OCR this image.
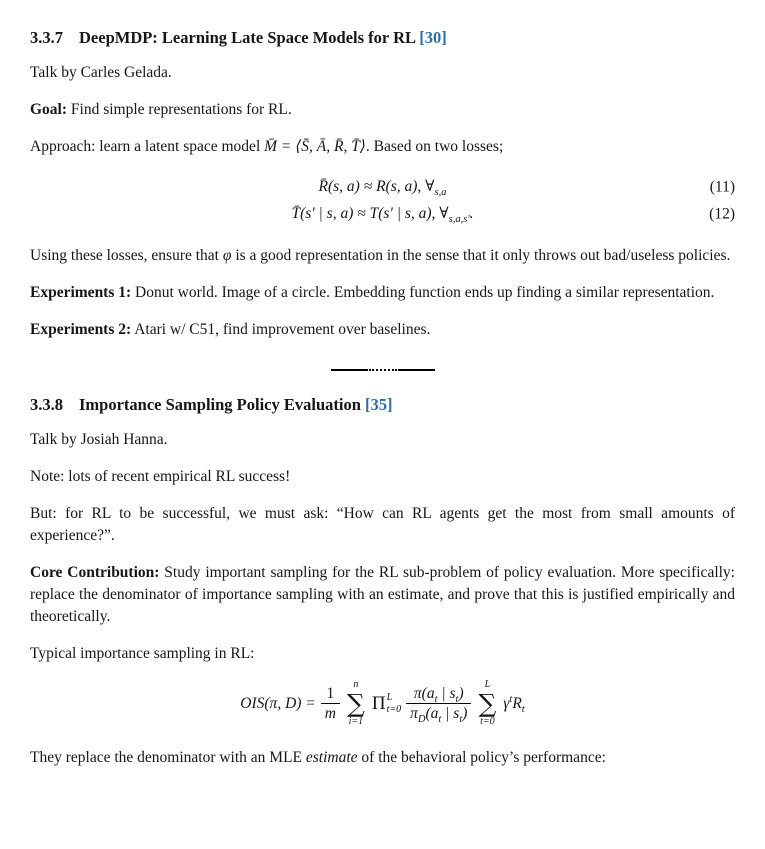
3.3.7 DeepMDP: Learning Late Space Models for RL [30]

Talk by Carles Gelada.

Goal: Find simple representations for RL.

Approach: learn a latent space model M̄ = ⟨S̄, Ā, R̄, T̄⟩. Based on two losses;

R̄(s, a) ≈ R(s, a), $\forall_{s,a}$	(11)
T̄(s′ | s, a) ≈ T(s′ | s, a), $\forall_{s,a,s'}$.	(12)

Using these losses, ensure that φ is a good representation in the sense that it only throws out bad/useless policies.

Experiments 1: Donut world. Image of a circle. Embedding function ends up finding a similar representation.

Experiments 2: Atari w/ C51, find improvement over baselines.

3.3.8 Importance Sampling Policy Evaluation [35]

Talk by Josiah Hanna.

Note: lots of recent empirical RL success!

But: for RL to be successful, we must ask: “How can RL agents get the most from small amounts of experience?”.

Core Contribution: Study important sampling for the RL sub-problem of policy evaluation. More specifically: replace the denominator of importance sampling with an estimate, and prove that this is justified empirically and theoretically.

Typical importance sampling in RL:

OIS(π, $D) = \frac{1}{m}$ n
∑
i=1
Π L
$t=0 \frac{\pi(a_t | s_t)}{\pi_D(a_t | s_t)}$ L
∑
t=0
$\gamma^tR_t$

They replace the denominator with an MLE estimate of the behavioral policy’s performance:
